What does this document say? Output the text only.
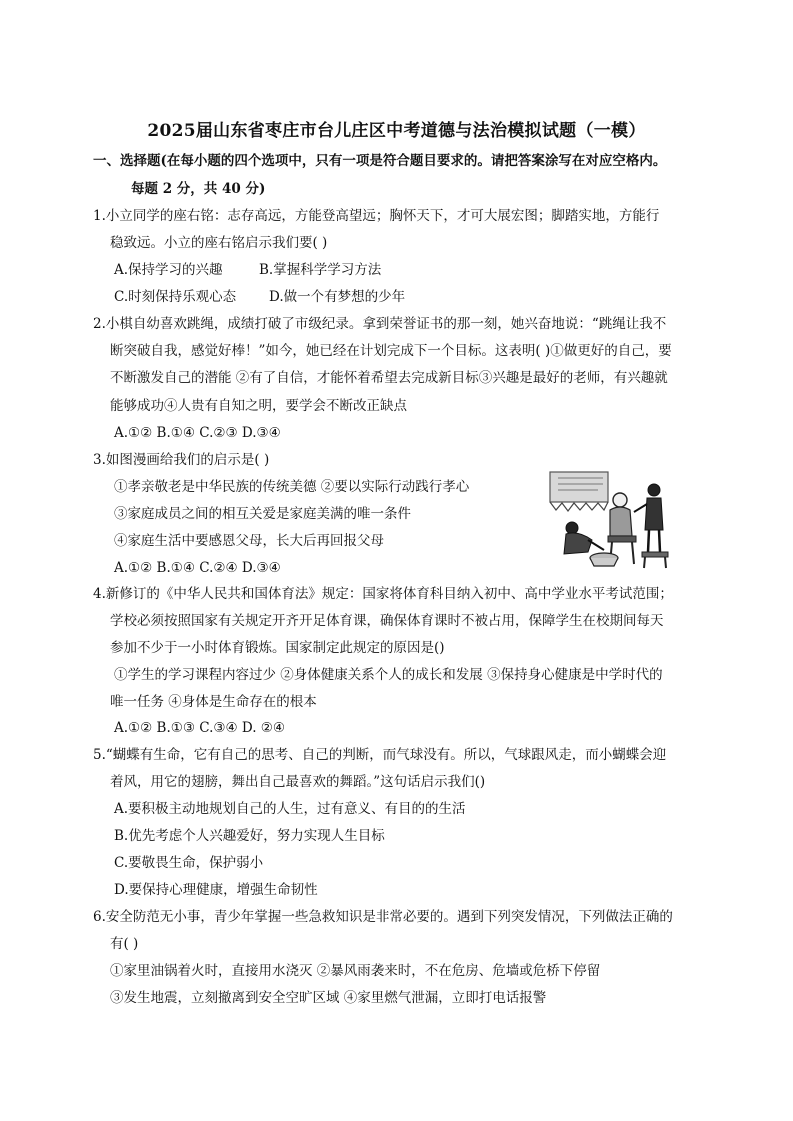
2025届山东省枣庄市台儿庄区中考道德与法治模拟试题（一模）
一、选择题(在每小题的四个选项中，只有一项是符合题目要求的。请把答案涂写在对应空格内。
每题 2 分，共 40 分)
1.小立同学的座右铭：志存高远，方能登高望远；胸怀天下，才可大展宏图；脚踏实地，方能行
稳致远。小立的座右铭启示我们要( )
A.保持学习的兴趣	B.掌握科学学习方法
C.时刻保持乐观心态 D.做一个有梦想的少年
2.小棋自幼喜欢跳绳，成绩打破了市级纪录。拿到荣誉证书的那一刻，她兴奋地说：“跳绳让我不
断突破自我，感觉好棒！”如今，她已经在计划完成下一个目标。这表明( )①做更好的自己，要
不断激发自己的潜能 ②有了自信，才能怀着希望去完成新目标③兴趣是最好的老师，有兴趣就
能够成功④人贵有自知之明，要学会不断改正缺点
A.①② B.①④ C.②③ D.③④
3.如图漫画给我们的启示是( )
①孝亲敬老是中华民族的传统美德 ②要以实际行动践行孝心
③家庭成员之间的相互关爱是家庭美满的唯一条件
④家庭生活中要感恩父母，长大后再回报父母
A.①② B.①④ C.②④ D.③④
4.新修订的《中华人民共和国体育法》规定：国家将体育科目纳入初中、高中学业水平考试范围；
学校必须按照国家有关规定开齐开足体育课，确保体育课时不被占用，保障学生在校期间每天
参加不少于一小时体育锻炼。国家制定此规定的原因是()
①学生的学习课程内容过少 ②身体健康关系个人的成长和发展 ③保持身心健康是中学时代的
唯一任务 ④身体是生命存在的根本
A.①② B.①③ C.③④ D. ②④
5.“蝴蝶有生命，它有自己的思考、自己的判断，而气球没有。所以，气球跟风走，而小蝴蝶会迎
着风，用它的翅膀，舞出自己最喜欢的舞蹈。”这句话启示我们()
A.要积极主动地规划自己的人生，过有意义、有目的的生活
B.优先考虑个人兴趣爱好，努力实现人生目标
C.要敬畏生命，保护弱小
D.要保持心理健康，增强生命韧性
6.安全防范无小事，青少年掌握一些急救知识是非常必要的。遇到下列突发情况，下列做法正确的
有( )
①家里油锅着火时，直接用水浇灭 ②暴风雨袭来时，不在危房、危墙或危桥下停留
③发生地震，立刻撤离到安全空旷区域 ④家里燃气泄漏，立即打电话报警
